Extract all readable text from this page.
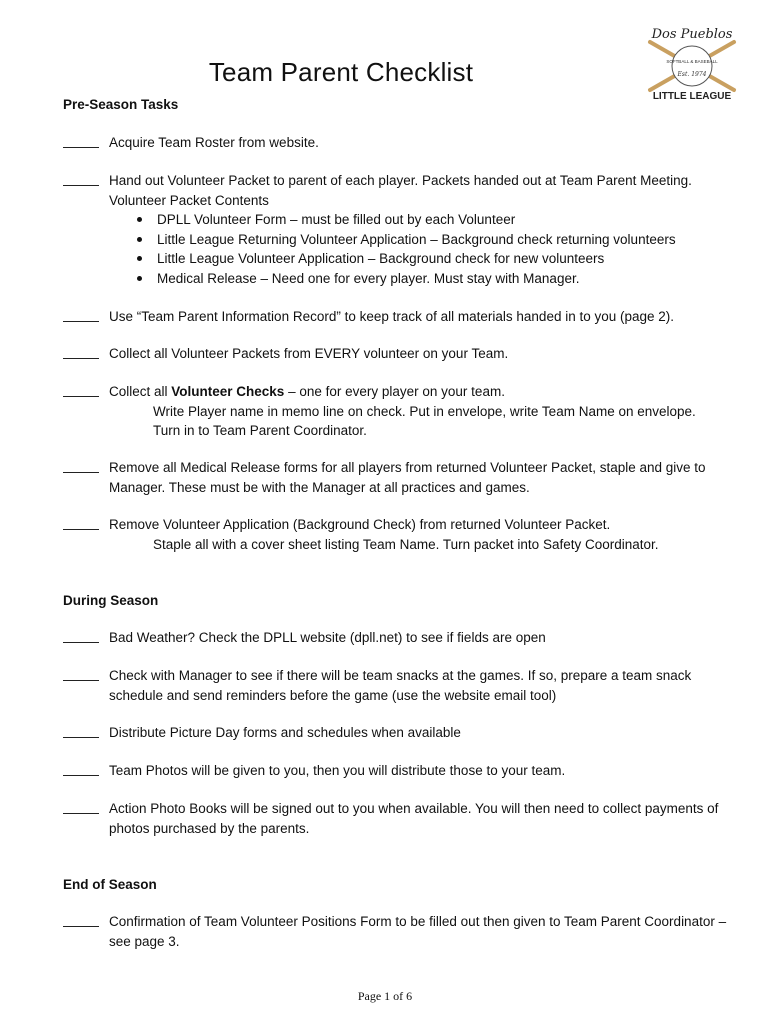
Team Parent Checklist
Dos Pueblos
SOFTBALL & BASEBALL
Est. 1974
LITTLE LEAGUE
Pre-Season Tasks
Acquire Team Roster from website.
Hand out Volunteer Packet to parent of each player. Packets handed out at Team Parent Meeting.
Volunteer Packet Contents
DPLL Volunteer Form – must be filled out by each Volunteer
Little League Returning Volunteer Application – Background check returning volunteers
Little League Volunteer Application – Background check for new volunteers
Medical Release – Need one for every player. Must stay with Manager.
Use “Team Parent Information Record” to keep track of all materials handed in to you (page 2).
Collect all Volunteer Packets from EVERY volunteer on your Team.
Collect all Volunteer Checks – one for every player on your team.
Write Player name in memo line on check. Put in envelope, write Team Name on envelope.
Turn in to Team Parent Coordinator.
Remove all Medical Release forms for all players from returned Volunteer Packet, staple and give to Manager. These must be with the Manager at all practices and games.
Remove Volunteer Application (Background Check) from returned Volunteer Packet.
Staple all with a cover sheet listing Team Name. Turn packet into Safety Coordinator.
During Season
Bad Weather? Check the DPLL website (dpll.net) to see if fields are open
Check with Manager to see if there will be team snacks at the games. If so, prepare a team snack schedule and send reminders before the game (use the website email tool)
Distribute Picture Day forms and schedules when available
Team Photos will be given to you, then you will distribute those to your team.
Action Photo Books will be signed out to you when available. You will then need to collect payments of photos purchased by the parents.
End of Season
Confirmation of Team Volunteer Positions Form to be filled out then given to Team Parent Coordinator – see page 3.
Page 1 of 6
